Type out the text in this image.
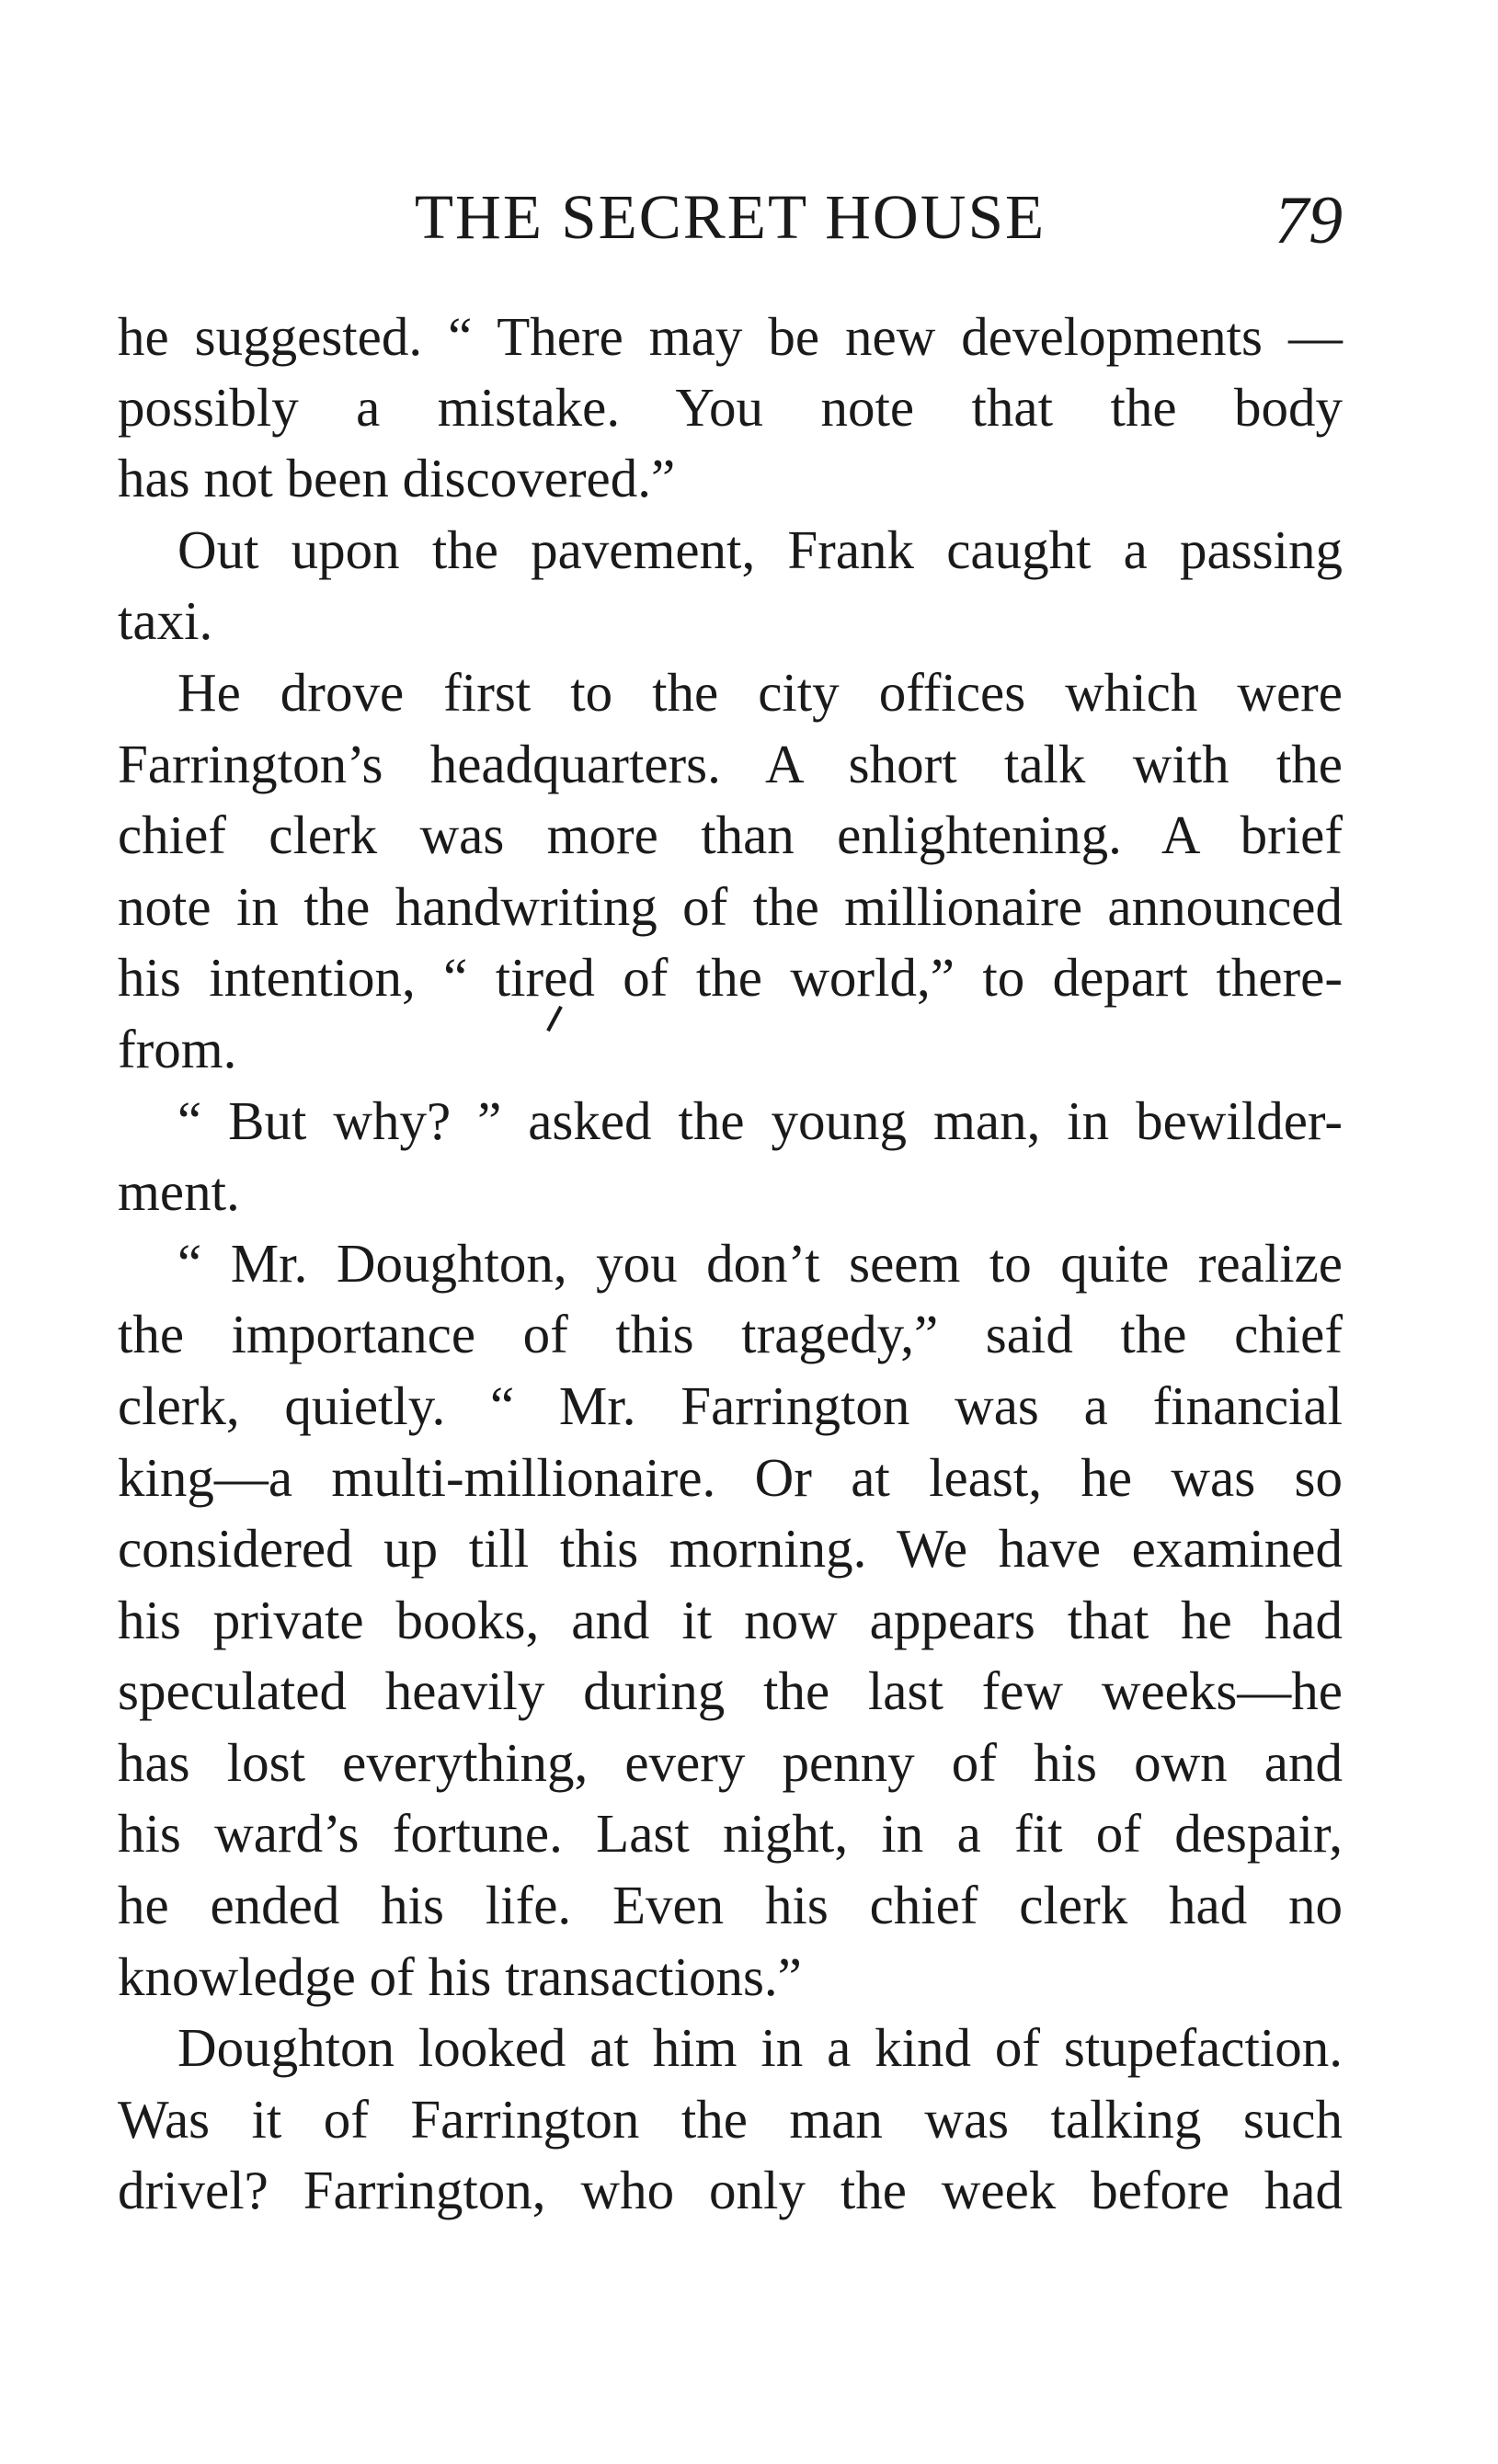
THE SECRET HOUSE	79

he suggested. “ There may be new developments —possibly a mistake. You note that the body

has not been discovered.”

Out upon the pavement, Frank caught a passing

taxi.

He drove first to the city offices which were

Farrington’s headquarters. A short talk with the

chief clerk was more than enlightening. A brief

note in the handwriting of the millionaire announced

his intention, “ tired of the world,” to depart there-

from.

“ But why? ” asked the young man, in bewilder-

ment.

“ Mr. Doughton, you don’t seem to quite realize

the importance of this tragedy,” said the chief

clerk, quietly. “ Mr. Farrington was a financial

king—a multi-millionaire. Or at least, he was so

considered up till this morning. We have examined

his private books, and it now appears that he had

speculated heavily during the last few weeks—he

has lost everything, every penny of his own and

his ward’s fortune. Last night, in a fit of despair,

he ended his life. Even his chief clerk had no

knowledge of his transactions.”

Doughton looked at him in a kind of stupefaction.

Was it of Farrington the man was talking such

drivel? Farrington, who only the week before had
